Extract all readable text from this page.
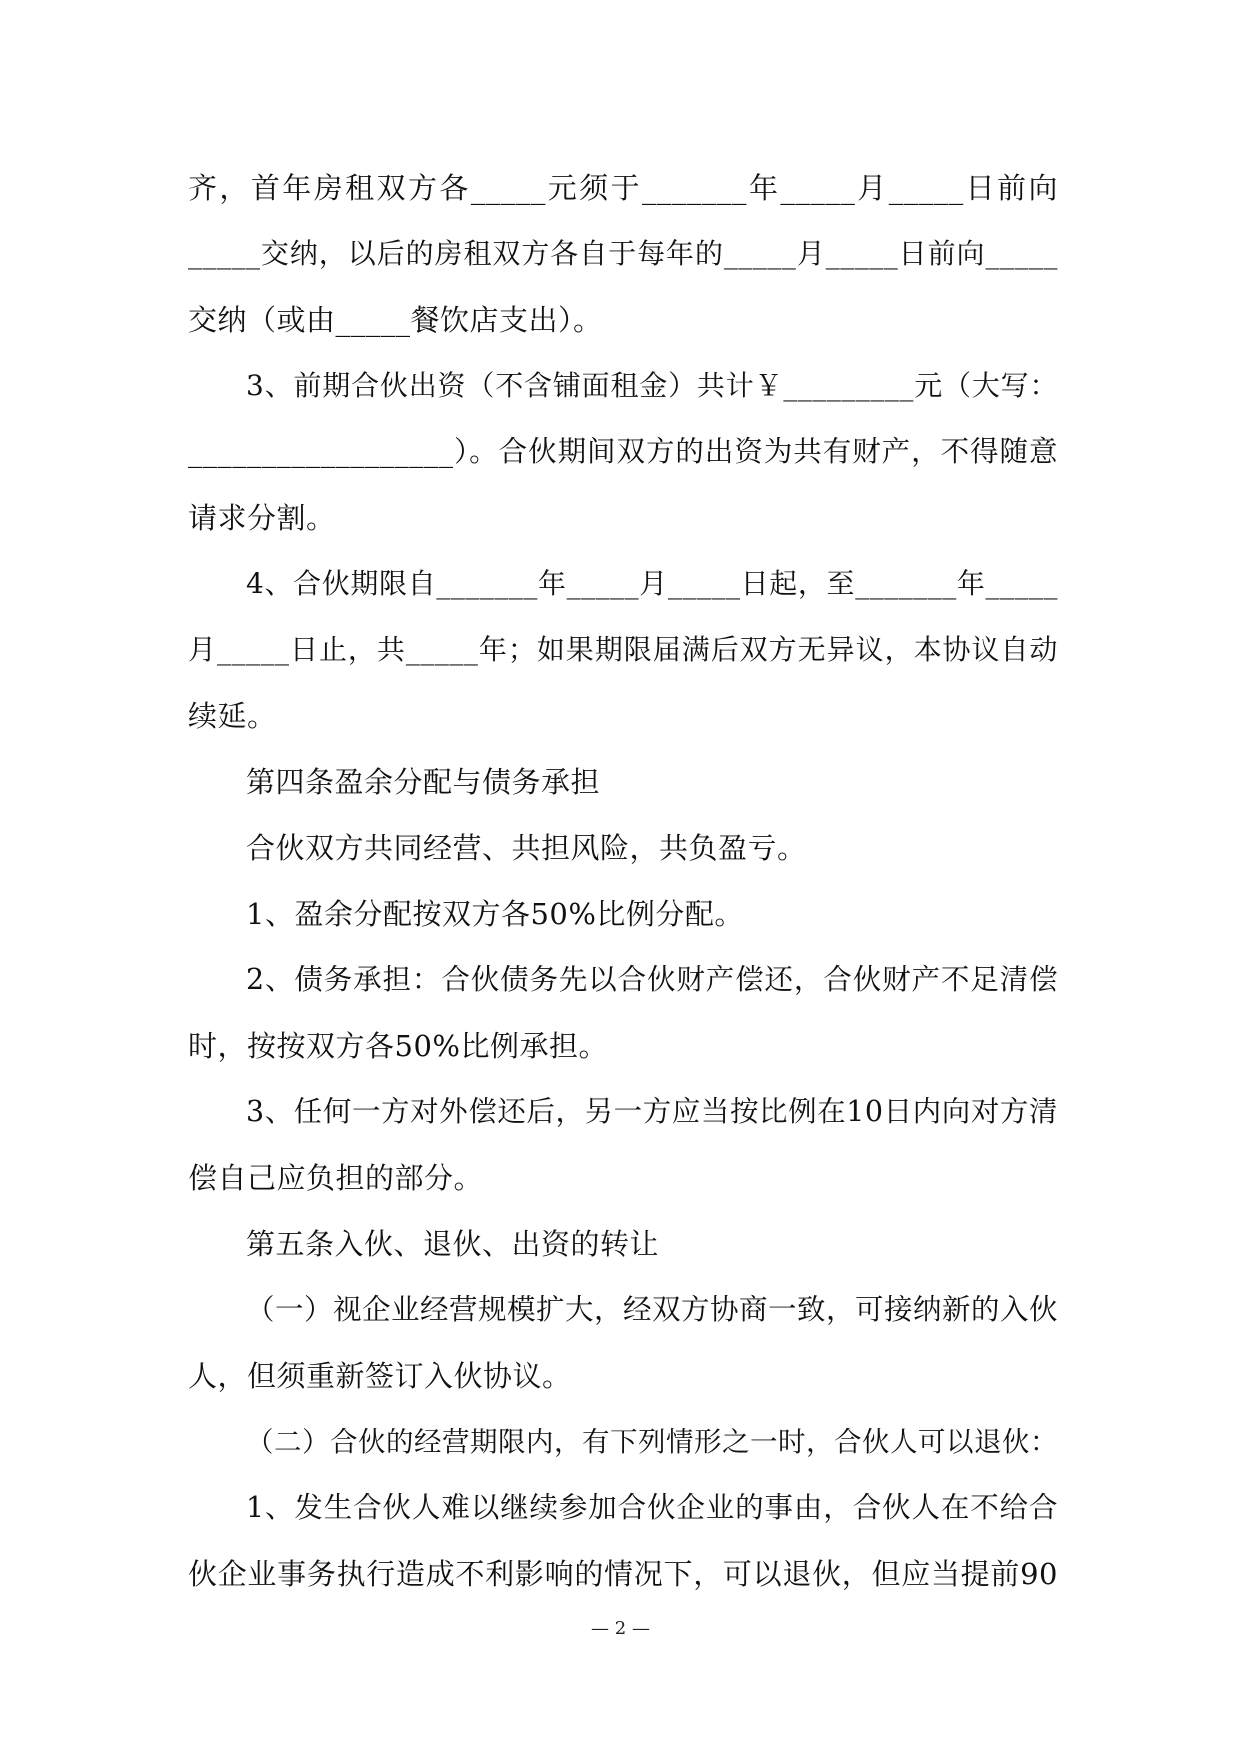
齐，首年房租双方各_____元须于_______年_____月_____日前向
_____交纳，以后的房租双方各自于每年的_____月_____日前向_____
交纳（或由_____餐饮店支出）。
3、前期合伙出资（不含铺面租金）共计￥_________元（大写：
__________________）。合伙期间双方的出资为共有财产，不得随意
请求分割。
4、合伙期限自_______年_____月_____日起，至_______年_____
月_____日止，共_____年；如果期限届满后双方无异议，本协议自动
续延。
第四条盈余分配与债务承担
合伙双方共同经营、共担风险，共负盈亏。
1、盈余分配按双方各50%比例分配。
2、债务承担：合伙债务先以合伙财产偿还，合伙财产不足清偿
时，按按双方各50%比例承担。
3、任何一方对外偿还后，另一方应当按比例在10日内向对方清
偿自己应负担的部分。
第五条入伙、退伙、出资的转让
（一）视企业经营规模扩大，经双方协商一致，可接纳新的入伙
人，但须重新签订入伙协议。
（二）合伙的经营期限内，有下列情形之一时，合伙人可以退伙：
1、发生合伙人难以继续参加合伙企业的事由，合伙人在不给合
伙企业事务执行造成不利影响的情况下，可以退伙，但应当提前90
— 2 —
